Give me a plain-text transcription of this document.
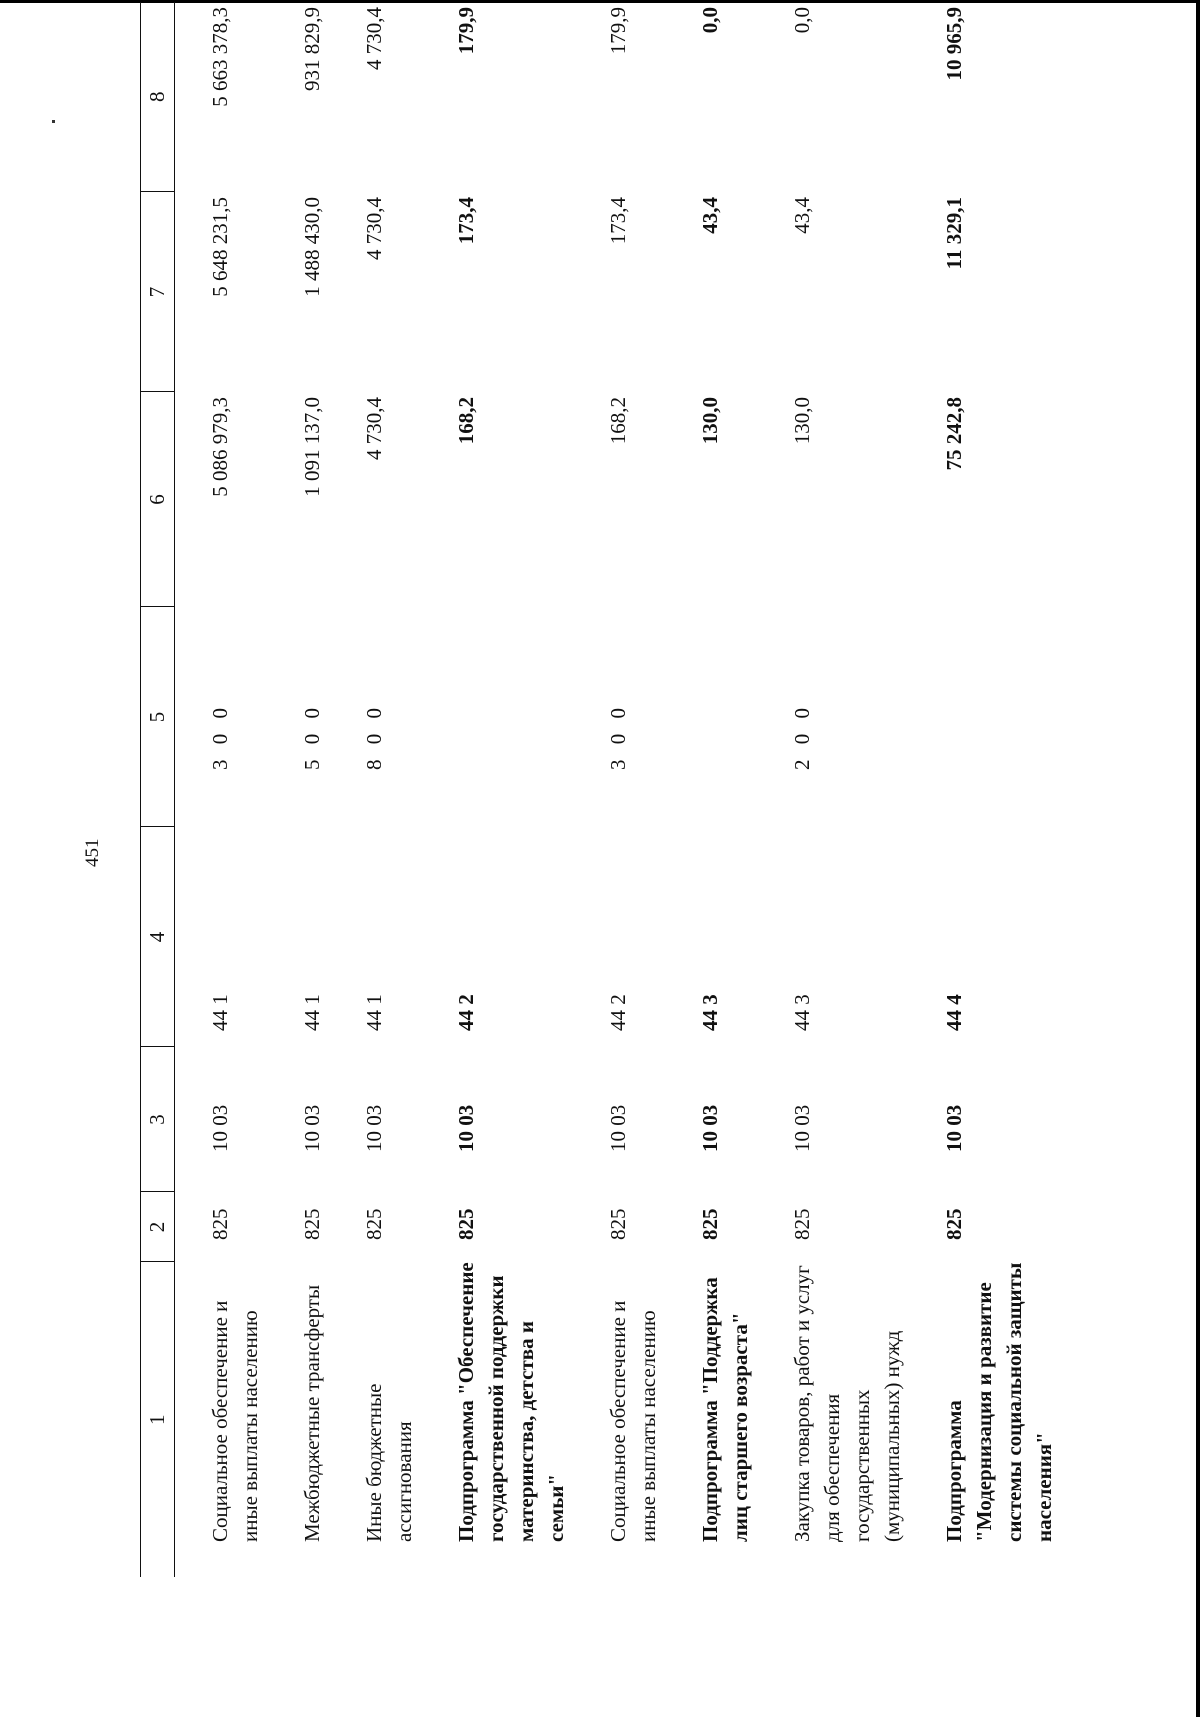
451
1	2	3	4	5	6	7	8
Социальное обеспечение и иные выплаты населению	825	10 03	44 1	3 0 0	5 086 979,3	5 648 231,5	5 663 378,3
Межбюджетные трансферты	825	10 03	44 1	5 0 0	1 091 137,0	1 488 430,0	931 829,9
Иные бюджетные ассигнования	825	10 03	44 1	8 0 0	4 730,4	4 730,4	4 730,4
Подпрограмма "Обеспечение государственной поддержки материнства, детства и семьи"	825	10 03	44 2		168,2	173,4	179,9
Социальное обеспечение и иные выплаты населению	825	10 03	44 2	3 0 0	168,2	173,4	179,9
Подпрограмма "Поддержка лиц старшего возраста"	825	10 03	44 3		130,0	43,4	0,0
Закупка товаров, работ и услуг для обеспечения государственных (муниципальных) нужд	825	10 03	44 3	2 0 0	130,0	43,4	0,0
Подпрограмма "Модернизация и развитие системы социальной защиты населения"	825	10 03	44 4		75 242,8	11 329,1	10 965,9
